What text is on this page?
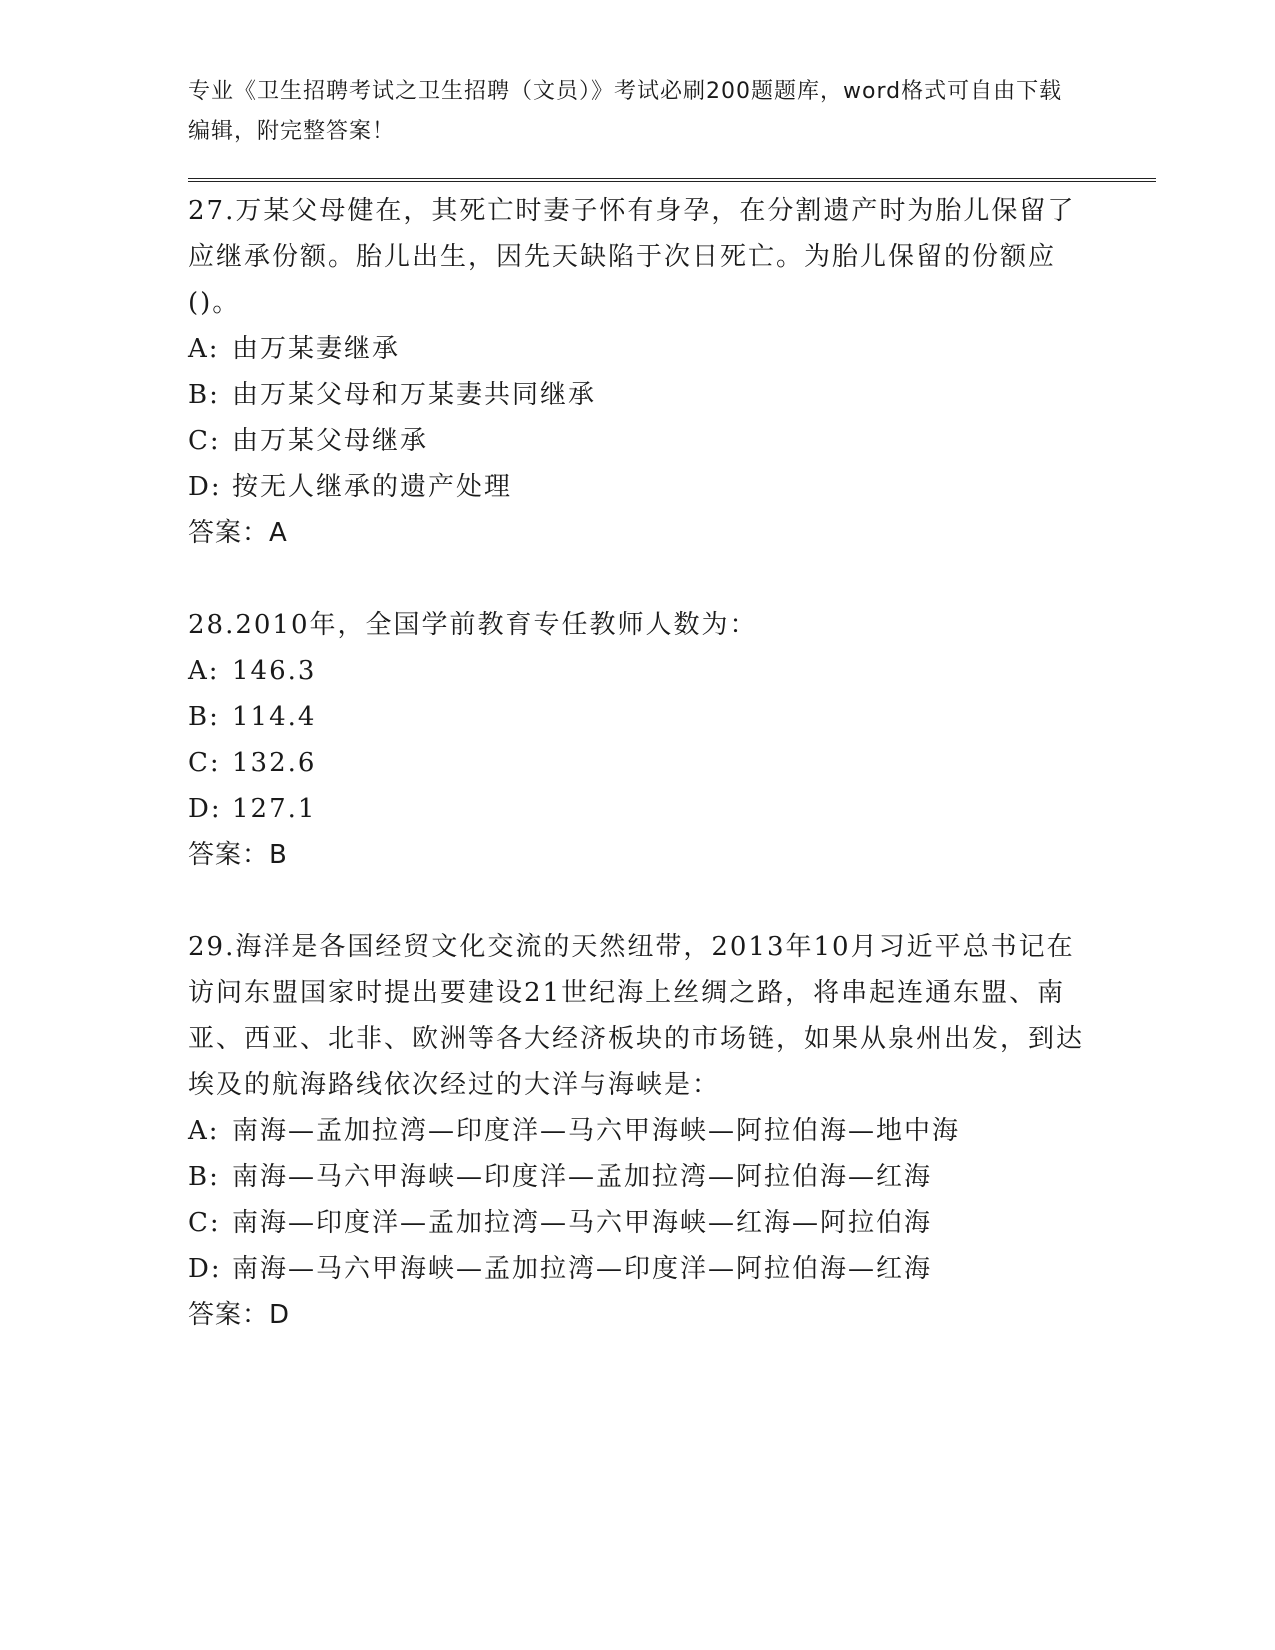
专业《卫生招聘考试之卫生招聘（文员）》考试必刷200题题库，word格式可自由下载编辑，附完整答案！

27.万某父母健在，其死亡时妻子怀有身孕，在分割遗产时为胎儿保留了应继承份额。胎儿出生，因先天缺陷于次日死亡。为胎儿保留的份额应()。

A: 由万某妻继承

B: 由万某父母和万某妻共同继承

C: 由万某父母继承

D: 按无人继承的遗产处理

答案：A

28.2010年，全国学前教育专任教师人数为：

A: 146.3

B: 114.4

C: 132.6

D: 127.1

答案：B

29.海洋是各国经贸文化交流的天然纽带，2013年10月习近平总书记在访问东盟国家时提出要建设21世纪海上丝绸之路，将串起连通东盟、南亚、西亚、北非、欧洲等各大经济板块的市场链，如果从泉州出发，到达埃及的航海路线依次经过的大洋与海峡是：

A: 南海—孟加拉湾—印度洋—马六甲海峡—阿拉伯海—地中海

B: 南海—马六甲海峡—印度洋—孟加拉湾—阿拉伯海—红海

C: 南海—印度洋—孟加拉湾—马六甲海峡—红海—阿拉伯海

D: 南海—马六甲海峡—孟加拉湾—印度洋—阿拉伯海—红海

答案：D
